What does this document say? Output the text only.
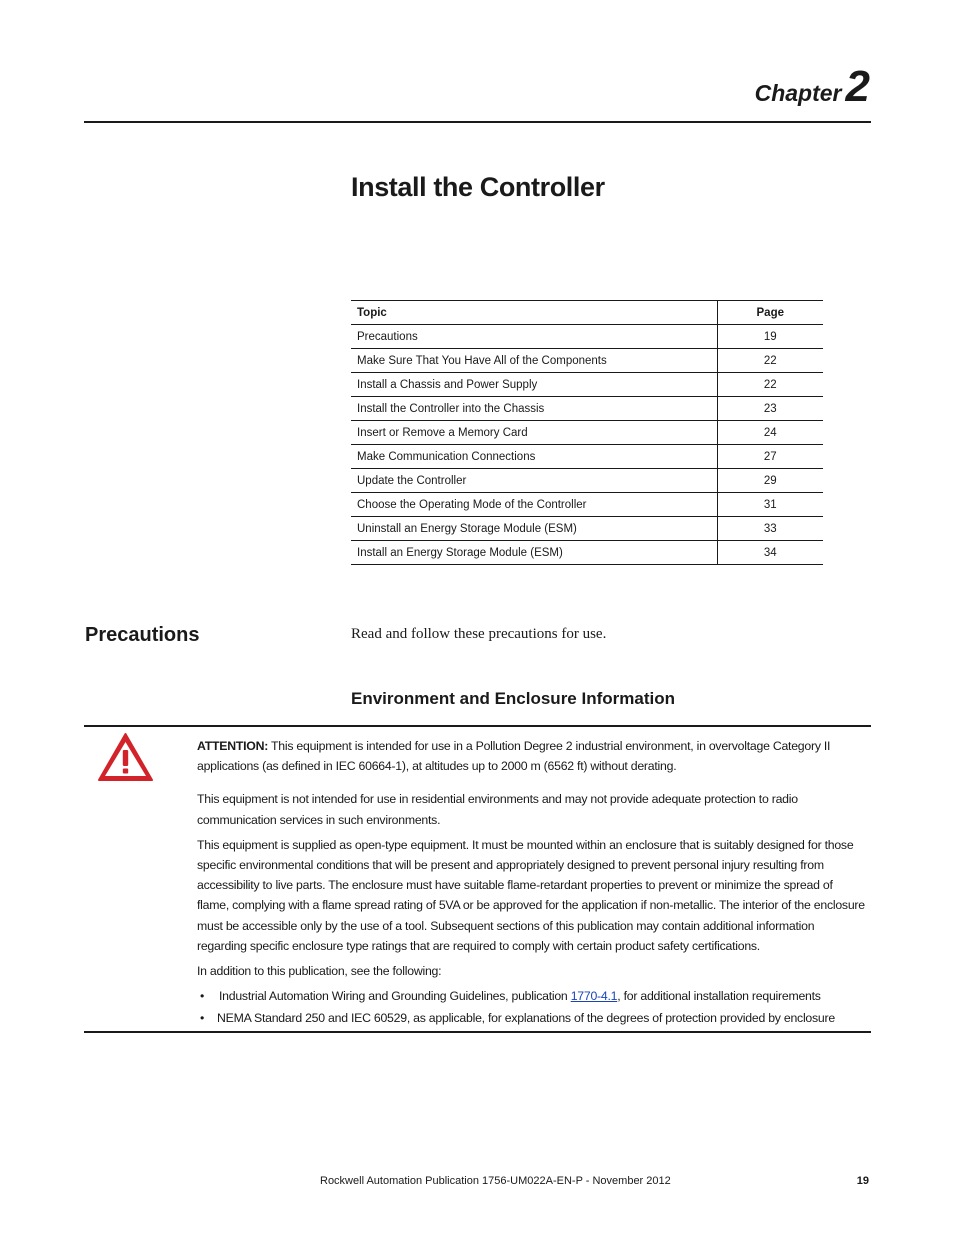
Chapter2
Install the Controller
Topic	Page
Precautions	19
Make Sure That You Have All of the Components	22
Install a Chassis and Power Supply	22
Install the Controller into the Chassis	23
Insert or Remove a Memory Card	24
Make Communication Connections	27
Update the Controller	29
Choose the Operating Mode of the Controller	31
Uninstall an Energy Storage Module (ESM)	33
Install an Energy Storage Module (ESM)	34
Precautions	Read and follow these precautions for use.
Environment and Enclosure Information

ATTENTION: This equipment is intended for use in a Pollution Degree 2 industrial environment, in overvoltage Category II applications (as defined in IEC 60664-1), at altitudes up to 2000 m (6562 ft) without derating.

This equipment is not intended for use in residential environments and may not provide adequate protection to radio communication services in such environments.

This equipment is supplied as open-type equipment. It must be mounted within an enclosure that is suitably designed for those specific environmental conditions that will be present and appropriately designed to prevent personal injury resulting from accessibility to live parts. The enclosure must have suitable flame-retardant properties to prevent or minimize the spread of flame, complying with a flame spread rating of 5VA or be approved for the application if non-metallic. The interior of the enclosure must be accessible only by the use of a tool. Subsequent sections of this publication may contain additional information regarding specific enclosure type ratings that are required to comply with certain product safety certifications.

In addition to this publication, see the following:

• Industrial Automation Wiring and Grounding Guidelines, publication 1770-4.1, for additional installation requirements
• NEMA Standard 250 and IEC 60529, as applicable, for explanations of the degrees of protection provided by enclosure
Rockwell Automation Publication 1756-UM022A-EN-P - November 2012	19
